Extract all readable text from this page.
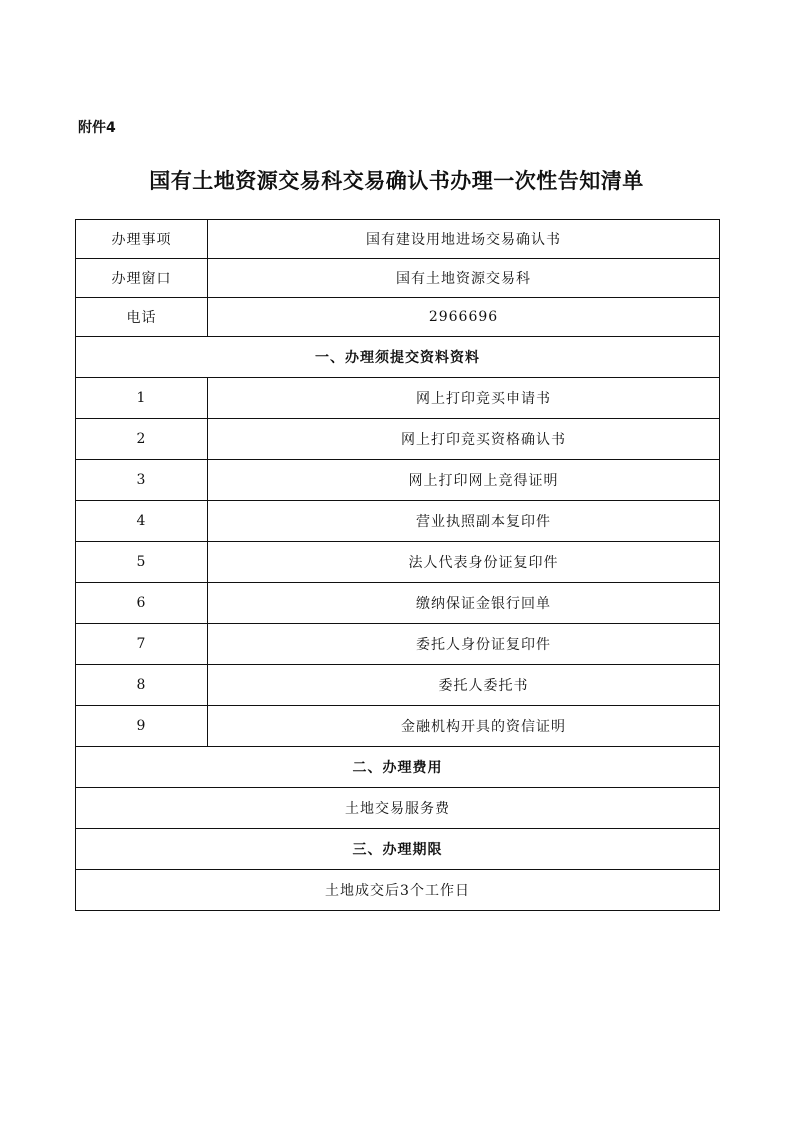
附件4
国有土地资源交易科交易确认书办理一次性告知清单
办理事项	国有建设用地进场交易确认书
办理窗口	国有土地资源交易科
电话	2966696
一、办理须提交资料资料	
1	网上打印竞买申请书
2	网上打印竞买资格确认书
3	网上打印网上竞得证明
4	营业执照副本复印件
5	法人代表身份证复印件
6	缴纳保证金银行回单
7	委托人身份证复印件
8	委托人委托书
9	金融机构开具的资信证明
二、办理费用	
土地交易服务费	
三、办理期限	
土地成交后3个工作日	
